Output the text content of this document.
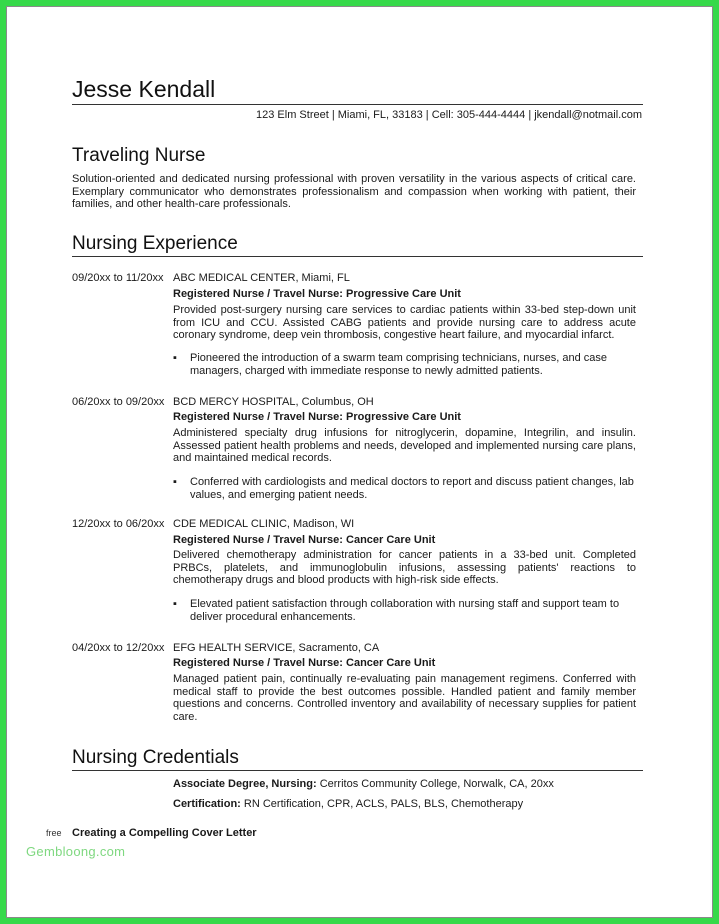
Jesse Kendall
123 Elm Street | Miami, FL, 33183 | Cell: 305-444-4444 | jkendall@notmail.com
Traveling Nurse
Solution-oriented and dedicated nursing professional with proven versatility in the various aspects of critical care. Exemplary communicator who demonstrates professionalism and compassion when working with patient, their families, and other health-care professionals.
Nursing Experience
09/20xx to 11/20xx ABC MEDICAL CENTER, Miami, FL
Registered Nurse / Travel Nurse: Progressive Care Unit
Provided post-surgery nursing care services to cardiac patients within 33-bed step-down unit from ICU and CCU. Assisted CABG patients and provide nursing care to address acute coronary syndrome, deep vein thrombosis, congestive heart failure, and myocardial infarct.
▪	Pioneered the introduction of a swarm team comprising technicians, nurses, and case managers, charged with immediate response to newly admitted patients.
06/20xx to 09/20xx BCD MERCY HOSPITAL, Columbus, OH
Registered Nurse / Travel Nurse: Progressive Care Unit
Administered specialty drug infusions for nitroglycerin, dopamine, Integrilin, and insulin. Assessed patient health problems and needs, developed and implemented nursing care plans, and maintained medical records.
▪	Conferred with cardiologists and medical doctors to report and discuss patient changes, lab values, and emerging patient needs.
12/20xx to 06/20xx CDE MEDICAL CLINIC, Madison, WI
Registered Nurse / Travel Nurse: Cancer Care Unit
Delivered chemotherapy administration for cancer patients in a 33-bed unit. Completed PRBCs, platelets, and immunoglobulin infusions, assessing patients' reactions to chemotherapy drugs and blood products with high-risk side effects.
▪	Elevated patient satisfaction through collaboration with nursing staff and support team to deliver procedural enhancements.
04/20xx to 12/20xx EFG HEALTH SERVICE, Sacramento, CA
Registered Nurse / Travel Nurse: Cancer Care Unit
Managed patient pain, continually re-evaluating pain management regimens. Conferred with medical staff to provide the best outcomes possible. Handled patient and family member questions and concerns. Controlled inventory and availability of necessary supplies for patient care.
Nursing Credentials
Associate Degree, Nursing: Cerritos Community College, Norwalk, CA, 20xx
Certification: RN Certification, CPR, ACLS, PALS, BLS, Chemotherapy
Creating a Compelling Cover Letter
free
Gembloong.com
